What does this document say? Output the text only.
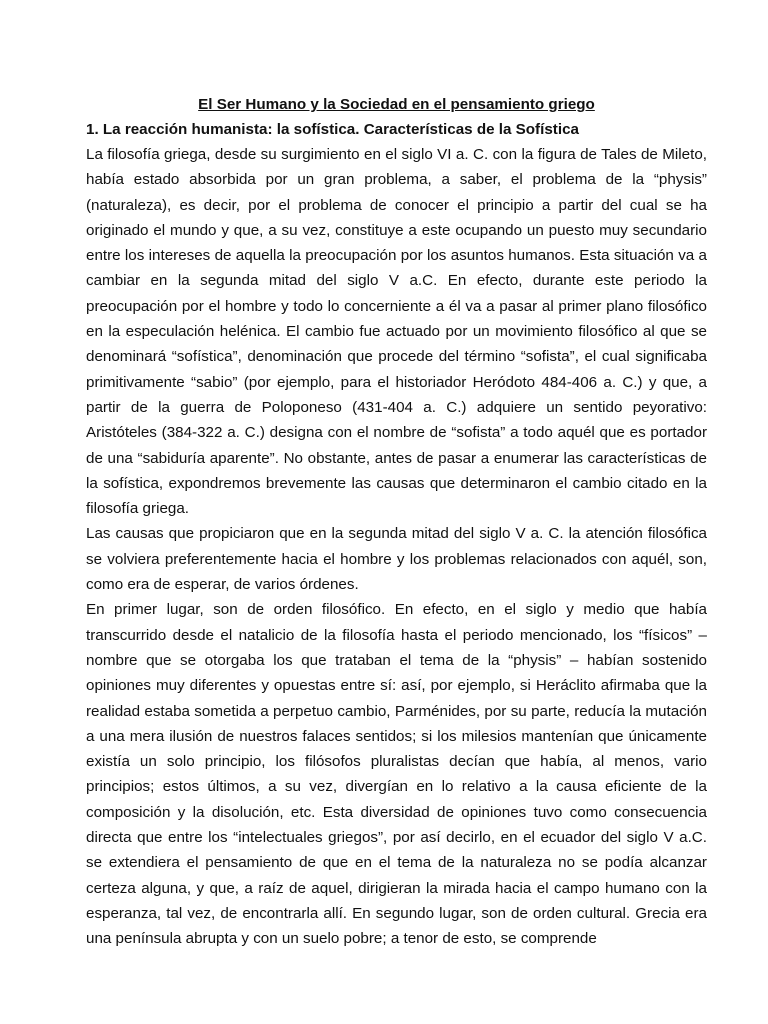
El Ser Humano y la Sociedad en el pensamiento griego
1. La reacción humanista: la sofística. Características de la Sofística

La filosofía griega, desde su surgimiento en el siglo VI a. C. con la figura de Tales de Mileto, había estado absorbida por un gran problema, a saber, el problema de la “physis” (naturaleza), es decir, por el problema de conocer el principio a partir del cual se ha originado el mundo y que, a su vez, constituye a este ocupando un puesto muy secundario entre los intereses de aquella la preocupación por los asuntos humanos. Esta situación va a cambiar en la segunda mitad del siglo V a.C. En efecto, durante este periodo la preocupación por el hombre y todo lo concerniente a él va a pasar al primer plano filosófico en la especulación helénica. El cambio fue actuado por un movimiento filosófico al que se denominará “sofística”, denominación que procede del término “sofista”, el cual significaba primitivamente “sabio” (por ejemplo, para el historiador Heródoto 484-406 a. C.) y que, a partir de la guerra de Poloponeso (431-404 a. C.) adquiere un sentido peyorativo: Aristóteles (384-322 a. C.) designa con el nombre de “sofista” a todo aquél que es portador de una “sabiduría aparente”. No obstante, antes de pasar a enumerar las características de la sofística, expondremos brevemente las causas que determinaron el cambio citado en la filosofía griega.

Las causas que propiciaron que en la segunda mitad del siglo V a. C. la atención filosófica se volviera preferentemente hacia el hombre y los problemas relacionados con aquél, son, como era de esperar, de varios órdenes.

En primer lugar, son de orden filosófico. En efecto, en el siglo y medio que había transcurrido desde el natalicio de la filosofía hasta el periodo mencionado, los “físicos” – nombre que se otorgaba los que trataban el tema de la “physis” – habían sostenido opiniones muy diferentes y opuestas entre sí: así, por ejemplo, si Heráclito afirmaba que la realidad estaba sometida a perpetuo cambio, Parménides, por su parte, reducía la mutación a una mera ilusión de nuestros falaces sentidos; si los milesios mantenían que únicamente existía un solo principio, los filósofos pluralistas decían que había, al menos, vario principios; estos últimos, a su vez, divergían en lo relativo a la causa eficiente de la composición y la disolución, etc. Esta diversidad de opiniones tuvo como consecuencia directa que entre los “intelectuales griegos”, por así decirlo, en el ecuador del siglo V a.C. se extendiera el pensamiento de que en el tema de la naturaleza no se podía alcanzar certeza alguna, y que, a raíz de aquel, dirigieran la mirada hacia el campo humano con la esperanza, tal vez, de encontrarla allí. En segundo lugar, son de orden cultural. Grecia era una península abrupta y con un suelo pobre; a tenor de esto, se comprende
